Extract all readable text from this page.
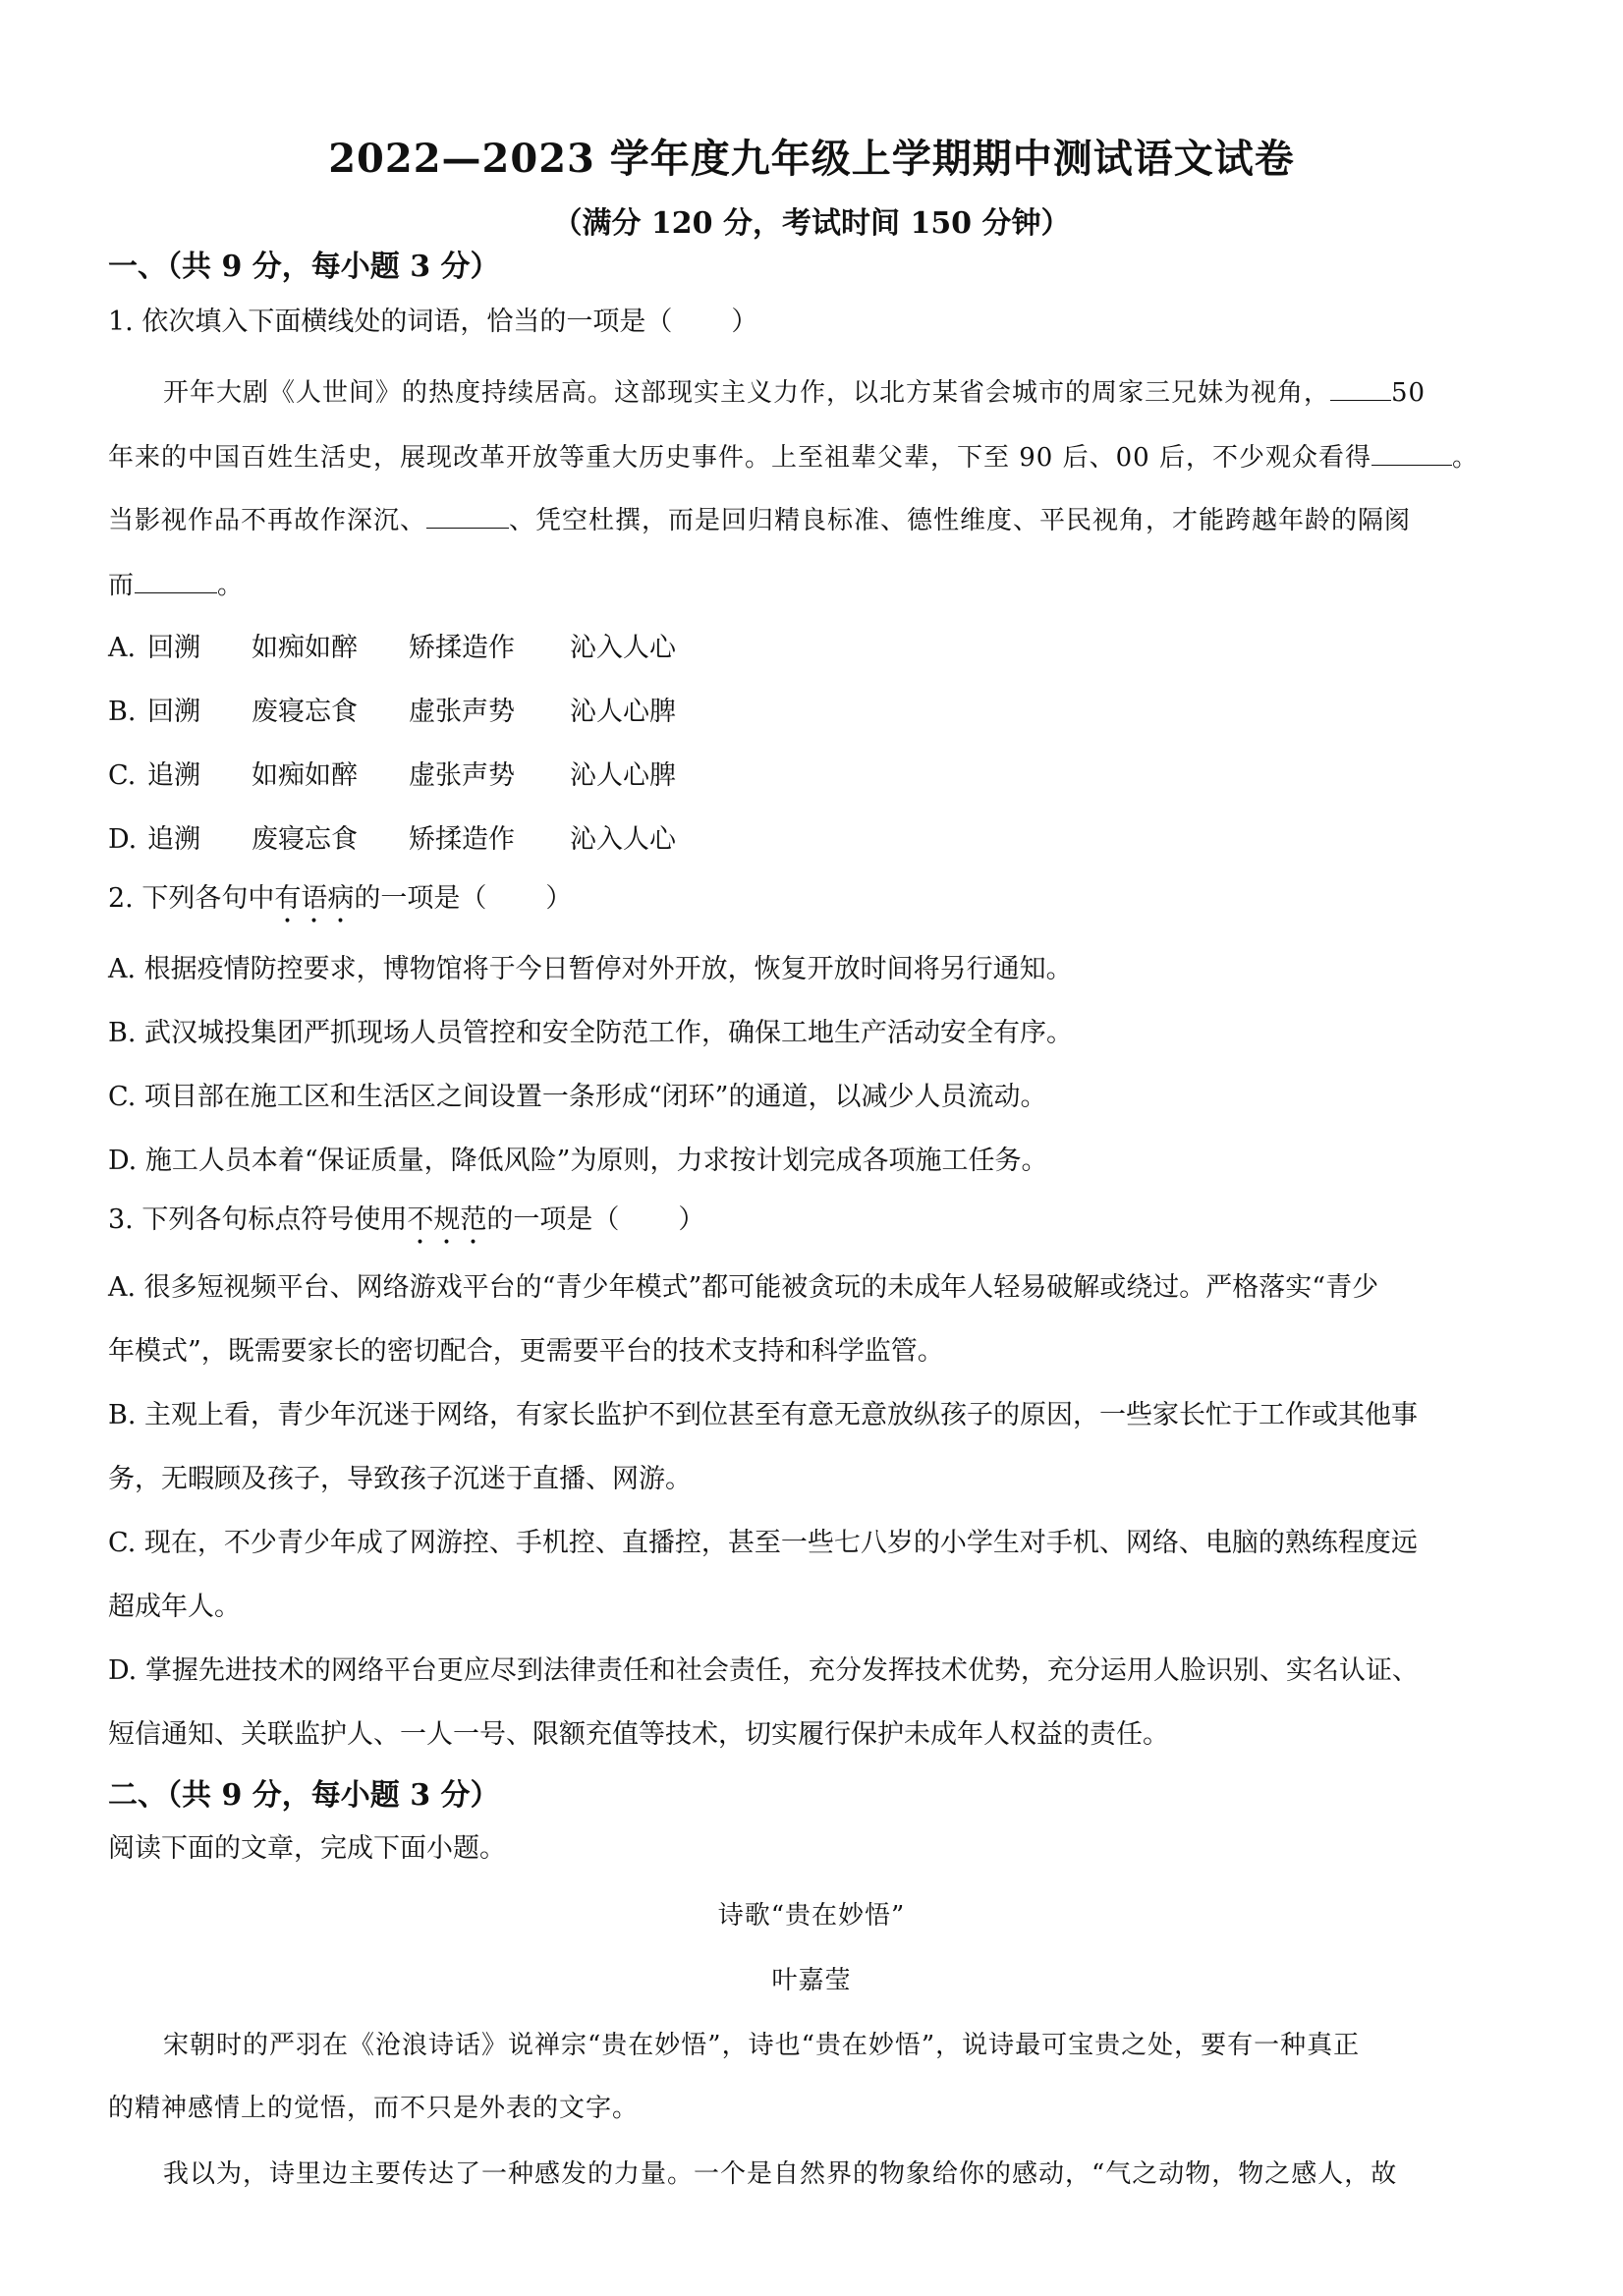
2022—2023 学年度九年级上学期期中测试语文试卷
（满分 120 分，考试时间 150 分钟）
一、（共 9 分，每小题 3 分）
1. 依次填入下面横线处的词语，恰当的一项是（ ）
开年大剧《人世间》的热度持续居高。这部现实主义力作，以北方某省会城市的周家三兄妹为视角， 50
年来的中国百姓生活史，展现改革开放等重大历史事件。上至祖辈父辈，下至 90 后、00 后，不少观众看得	。
当影视作品不再故作深沉、	、凭空杜撰，而是回归精良标准、德性维度、平民视角，才能跨越年龄的隔阂
而	。
A. 回溯 如痴如醉 矫揉造作 沁入人心
B. 回溯 废寝忘食 虚张声势 沁人心脾
C. 追溯 如痴如醉 虚张声势 沁人心脾
D. 追溯 废寝忘食 矫揉造作 沁入人心
2. 下列各句中有语病的一项是（ ）
A. 根据疫情防控要求，博物馆将于今日暂停对外开放，恢复开放时间将另行通知。
B. 武汉城投集团严抓现场人员管控和安全防范工作，确保工地生产活动安全有序。
C. 项目部在施工区和生活区之间设置一条形成“闭环”的通道，以减少人员流动。
D. 施工人员本着“保证质量，降低风险”为原则，力求按计划完成各项施工任务。
3. 下列各句标点符号使用不规范的一项是（ ）
A. 很多短视频平台、网络游戏平台的“青少年模式”都可能被贪玩的未成年人轻易破解或绕过。严格落实“青少
年模式”，既需要家长的密切配合，更需要平台的技术支持和科学监管。
B. 主观上看，青少年沉迷于网络，有家长监护不到位甚至有意无意放纵孩子的原因，一些家长忙于工作或其他事
务，无暇顾及孩子，导致孩子沉迷于直播、网游。
C. 现在，不少青少年成了网游控、手机控、直播控，甚至一些七八岁的小学生对手机、网络、电脑的熟练程度远
超成年人。
D. 掌握先进技术的网络平台更应尽到法律责任和社会责任，充分发挥技术优势，充分运用人脸识别、实名认证、
短信通知、关联监护人、一人一号、限额充值等技术，切实履行保护未成年人权益的责任。
二、（共 9 分，每小题 3 分）
阅读下面的文章，完成下面小题。
诗歌“贵在妙悟”
叶嘉莹
宋朝时的严羽在《沧浪诗话》说禅宗“贵在妙悟”，诗也“贵在妙悟”，说诗最可宝贵之处，要有一种真正
的精神感情上的觉悟，而不只是外表的文字。
我以为，诗里边主要传达了一种感发的力量。一个是自然界的物象给你的感动，“气之动物，物之感人，故
